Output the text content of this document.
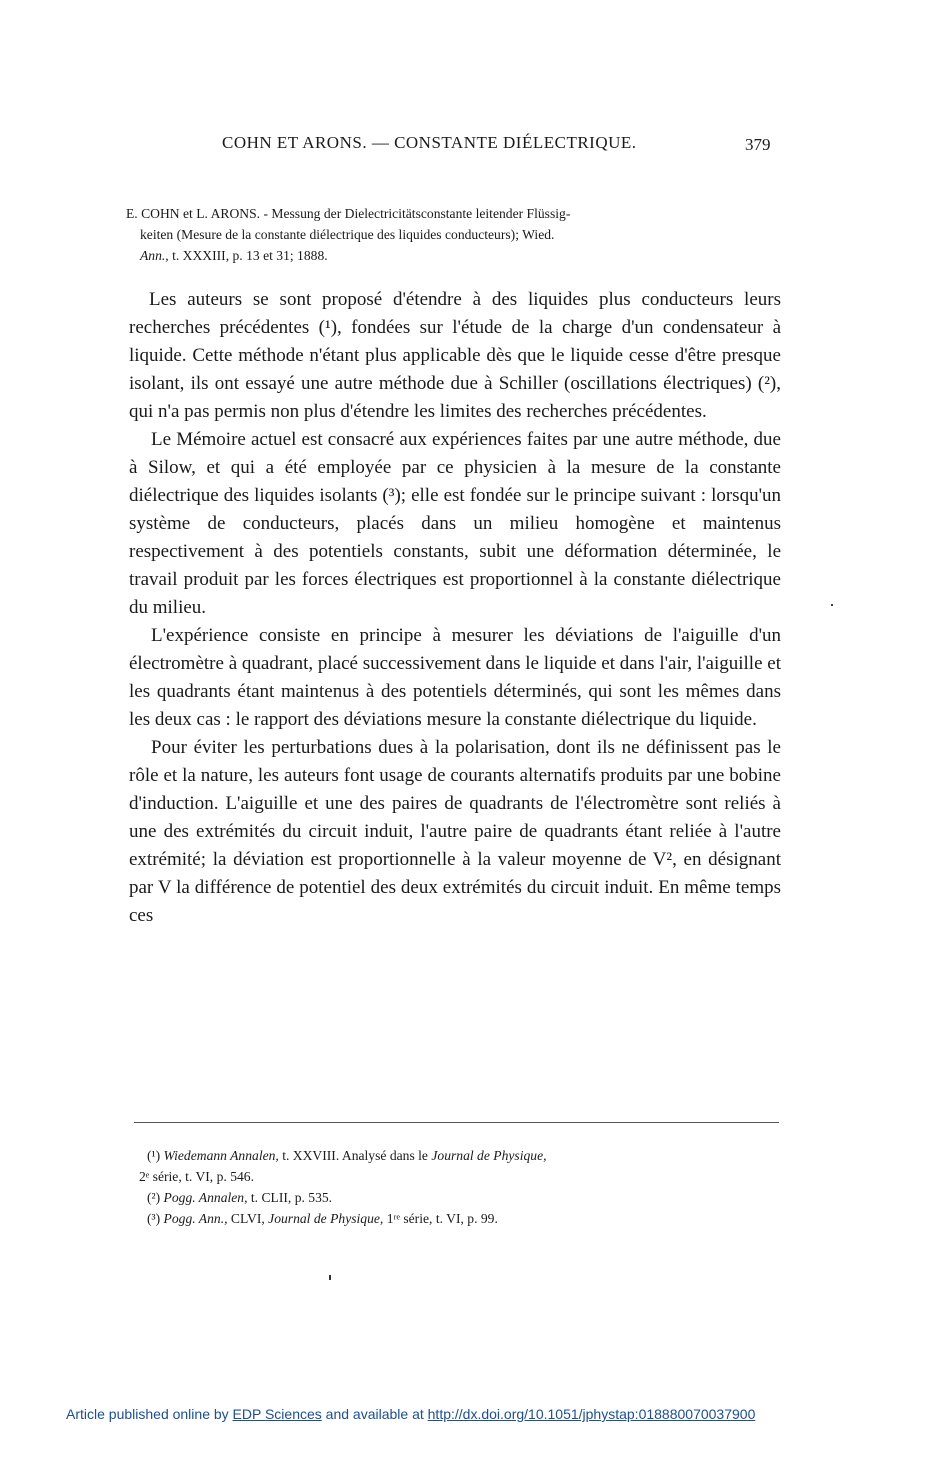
COHN ET ARONS. — CONSTANTE DIÉLECTRIQUE.	379
E. COHN et L. ARONS. - Messung der Dielectricitätsconstante leitender Flüssig-
keiten (Mesure de la constante diélectrique des liquides conducteurs); Wied.
Ann., t. XXXIII, p. 13 et 31; 1888.

Les auteurs se sont proposé d'étendre à des liquides plus conducteurs leurs recherches précédentes (¹), fondées sur l'étude de la charge d'un condensateur à liquide. Cette méthode n'étant plus applicable dès que le liquide cesse d'être presque isolant, ils ont essayé une autre méthode due à Schiller (oscillations électriques) (²), qui n'a pas permis non plus d'étendre les limites des recherches précédentes.

Le Mémoire actuel est consacré aux expériences faites par une autre méthode, due à Silow, et qui a été employée par ce physicien à la mesure de la constante diélectrique des liquides isolants (³); elle est fondée sur le principe suivant : lorsqu'un système de conducteurs, placés dans un milieu homogène et maintenus respectivement à des potentiels constants, subit une déformation déterminée, le travail produit par les forces électriques est proportionnel à la constante diélectrique du milieu.

L'expérience consiste en principe à mesurer les déviations de l'aiguille d'un électromètre à quadrant, placé successivement dans le liquide et dans l'air, l'aiguille et les quadrants étant maintenus à des potentiels déterminés, qui sont les mêmes dans les deux cas : le rapport des déviations mesure la constante diélectrique du liquide.

Pour éviter les perturbations dues à la polarisation, dont ils ne définissent pas le rôle et la nature, les auteurs font usage de courants alternatifs produits par une bobine d'induction. L'aiguille et une des paires de quadrants de l'électromètre sont reliés à une des extrémités du circuit induit, l'autre paire de quadrants étant reliée à l'autre extrémité; la déviation est proportionnelle à la valeur moyenne de V², en désignant par V la différence de potentiel des deux extrémités du circuit induit. En même temps ces

(¹) Wiedemann Annalen, t. XXVIII. Analysé dans le Journal de Physique,
2ᵉ série, t. VI, p. 546.
(²) Pogg. Annalen, t. CLII, p. 535.
(³) Pogg. Ann., CLVI, Journal de Physique, 1ʳᵉ série, t. VI, p. 99.
Article published online by EDP Sciences and available at http://dx.doi.org/10.1051/jphystap:018880070037900
